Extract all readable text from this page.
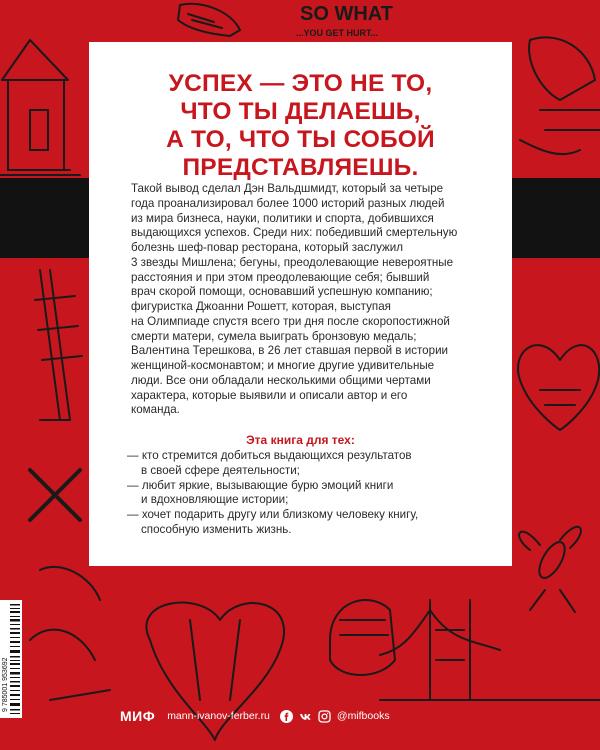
SO WHAT
...YOU GET HURT...
УСПЕХ — ЭТО НЕ ТО,
ЧТО ТЫ ДЕЛАЕШЬ,
А ТО, ЧТО ТЫ СОБОЙ
ПРЕДСТАВЛЯЕШЬ.

Такой вывод сделал Дэн Вальдшмидт, который за четыре
года проанализировал более 1000 историй разных людей
из мира бизнеса, науки, политики и спорта, добившихся
выдающихся успехов. Среди них: победивший смертельную
болезнь шеф-повар ресторана, который заслужил
3 звезды Мишлена; бегуны, преодолевающие невероятные
расстояния и при этом преодолевающие себя; бывший
врач скорой помощи, основавший успешную компанию;
фигуристка Джоанни Рошетт, которая, выступая
на Олимпиаде спустя всего три дня после скоропостижной
смерти матери, сумела выиграть бронзовую медаль;
Валентина Терешкова, в 26 лет ставшая первой в истории
женщиной-космонавтом; и многие другие удивительные
люди. Все они обладали несколькими общими чертами
характера, которые выявили и описали автор и его
команда.

Эта книга для тех:

— кто стремится добиться выдающихся результатов
в своей сфере деятельности;
— любит яркие, вызывающие бурю эмоций книги
и вдохновляющие истории;
— хочет подарить другу или близкому человеку книгу,
способную изменить жизнь.
9 785001 953692
МИФ mann-ivanov-ferber.ru	@mifbooks
